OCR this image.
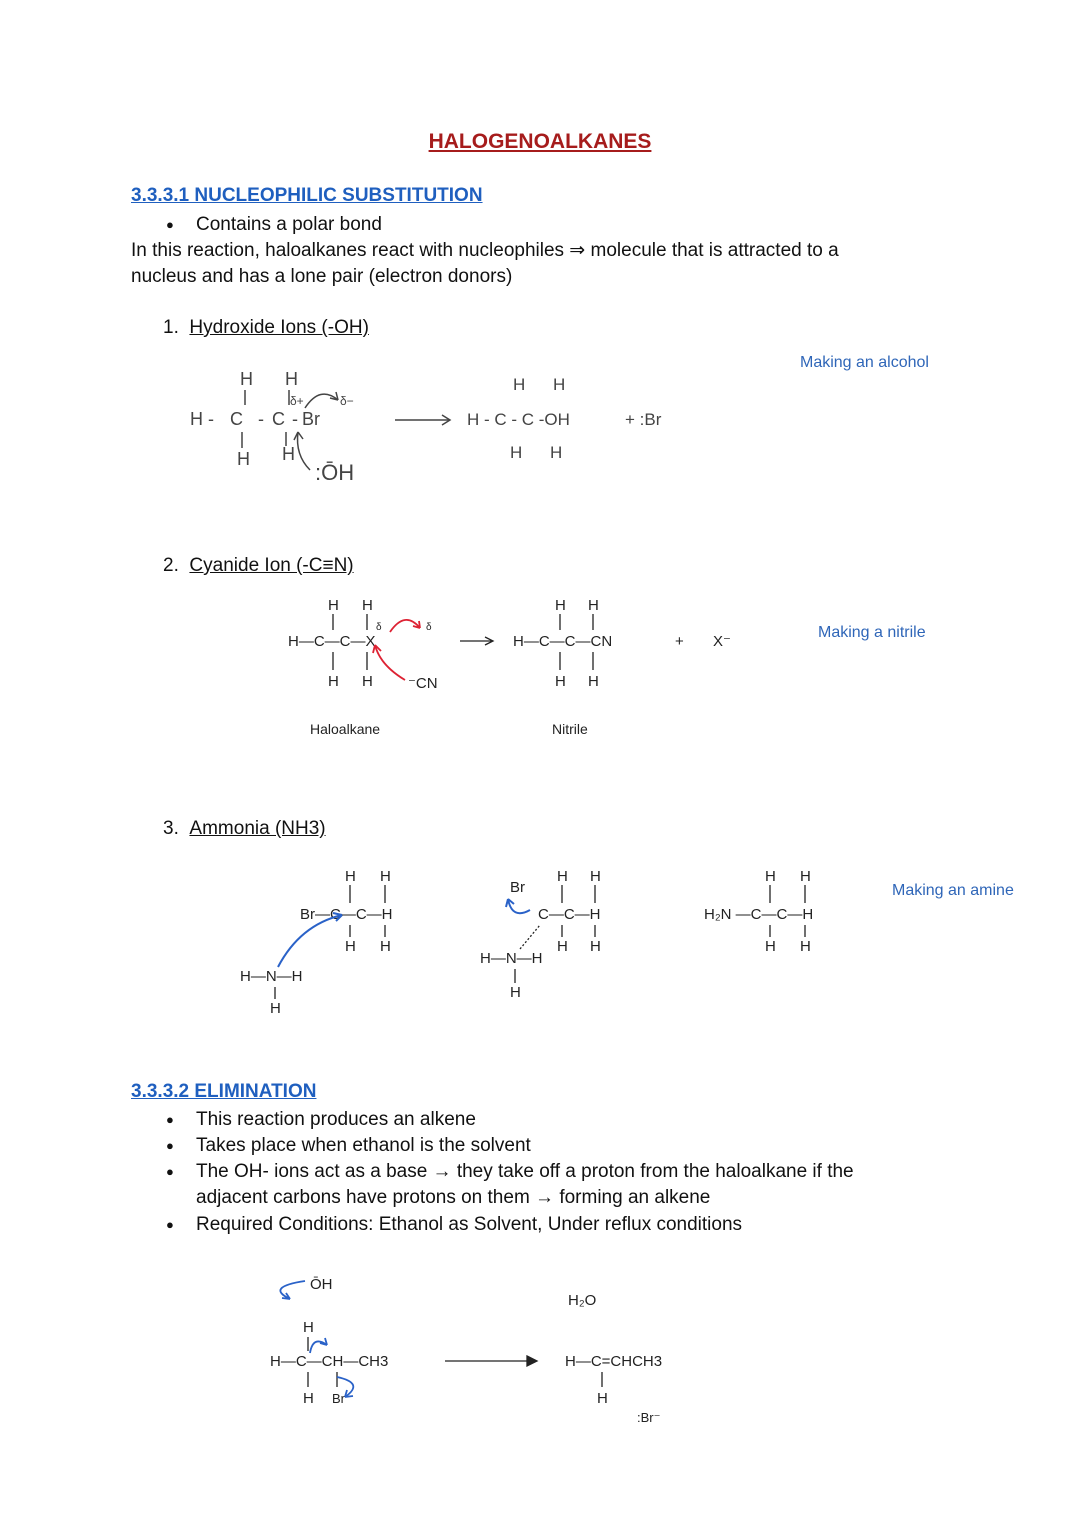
HALOGENOALKANES
3.3.3.1 NUCLEOPHILIC SUBSTITUTION
● Contains a polar bond
In this reaction, haloalkanes react with nucleophiles ⇒ molecule that is attracted to a
nucleus and has a lone pair (electron donors)
1. Hydroxide Ions (-OH)
Making an alcohol
H H
H - C - C - Br
δ+	δ−
H H
:ŌH
H H
H - C - C -OH	+ :Br
H H
2. Cyanide Ion (-C≡N)
Making a nitrile
H H
H—C—C—X
H H ⁻CN
δ	δ
H—C—C—CN
H H
H H
+ X⁻
Haloalkane	Nitrile
3. Ammonia (NH3)
Making an amine
Br—C—C—H
H H
H H
H—N—H
H
Br
C—C—H
H H
H H
H—N—H
H
H₂N —C—C—H
H H
H H
3.3.3.2 ELIMINATION
● This reaction produces an alkene
● Takes place when ethanol is the solvent
● The OH- ions act as a base → they take off a proton from the haloalkane if the
adjacent carbons have protons on them → forming an alkene
● Required Conditions: Ethanol as Solvent, Under reflux conditions
ŌH
H
H—C—CH—CH3
H Br
H₂O
H—C=CHCH3
H
:Br⁻
